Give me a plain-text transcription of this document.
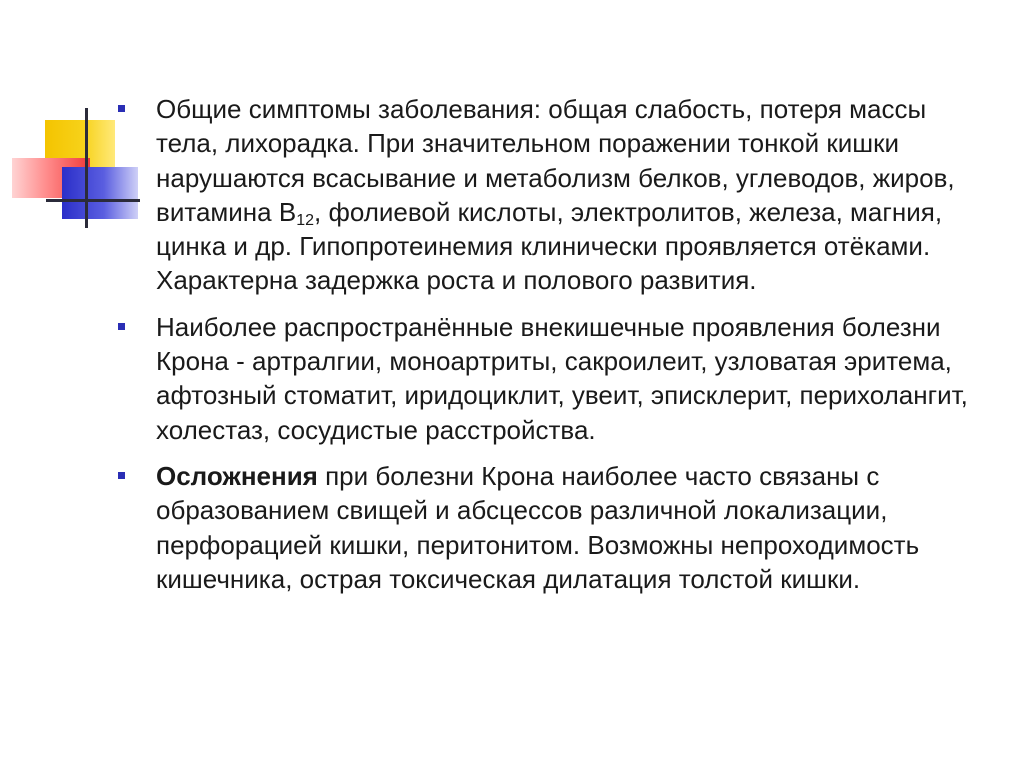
Общие симптомы заболевания: общая слабость, потеря массы тела, лихорадка. При значительном поражении тонкой кишки нарушаются всасывание и метаболизм белков, углеводов, жиров, витамина $В_{12}$, фолиевой кислоты, электролитов, железа, магния, цинка и др. Гипопротеинемия клинически проявляется отёками. Характерна задержка роста и полового развития.
Наиболее распространённые внекишечные проявления болезни Крона - артралгии, моноартриты, сакроилеит, узловатая эритема, афтозный стоматит, иридоциклит, увеит, эписклерит, перихолангит, холестаз, сосудистые расстройства.
Осложнения при болезни Крона наиболее часто связаны с образованием свищей и абсцессов различной локализации, перфорацией кишки, перитонитом. Возможны непроходимость кишечника, острая токсическая дилатация толстой кишки.
